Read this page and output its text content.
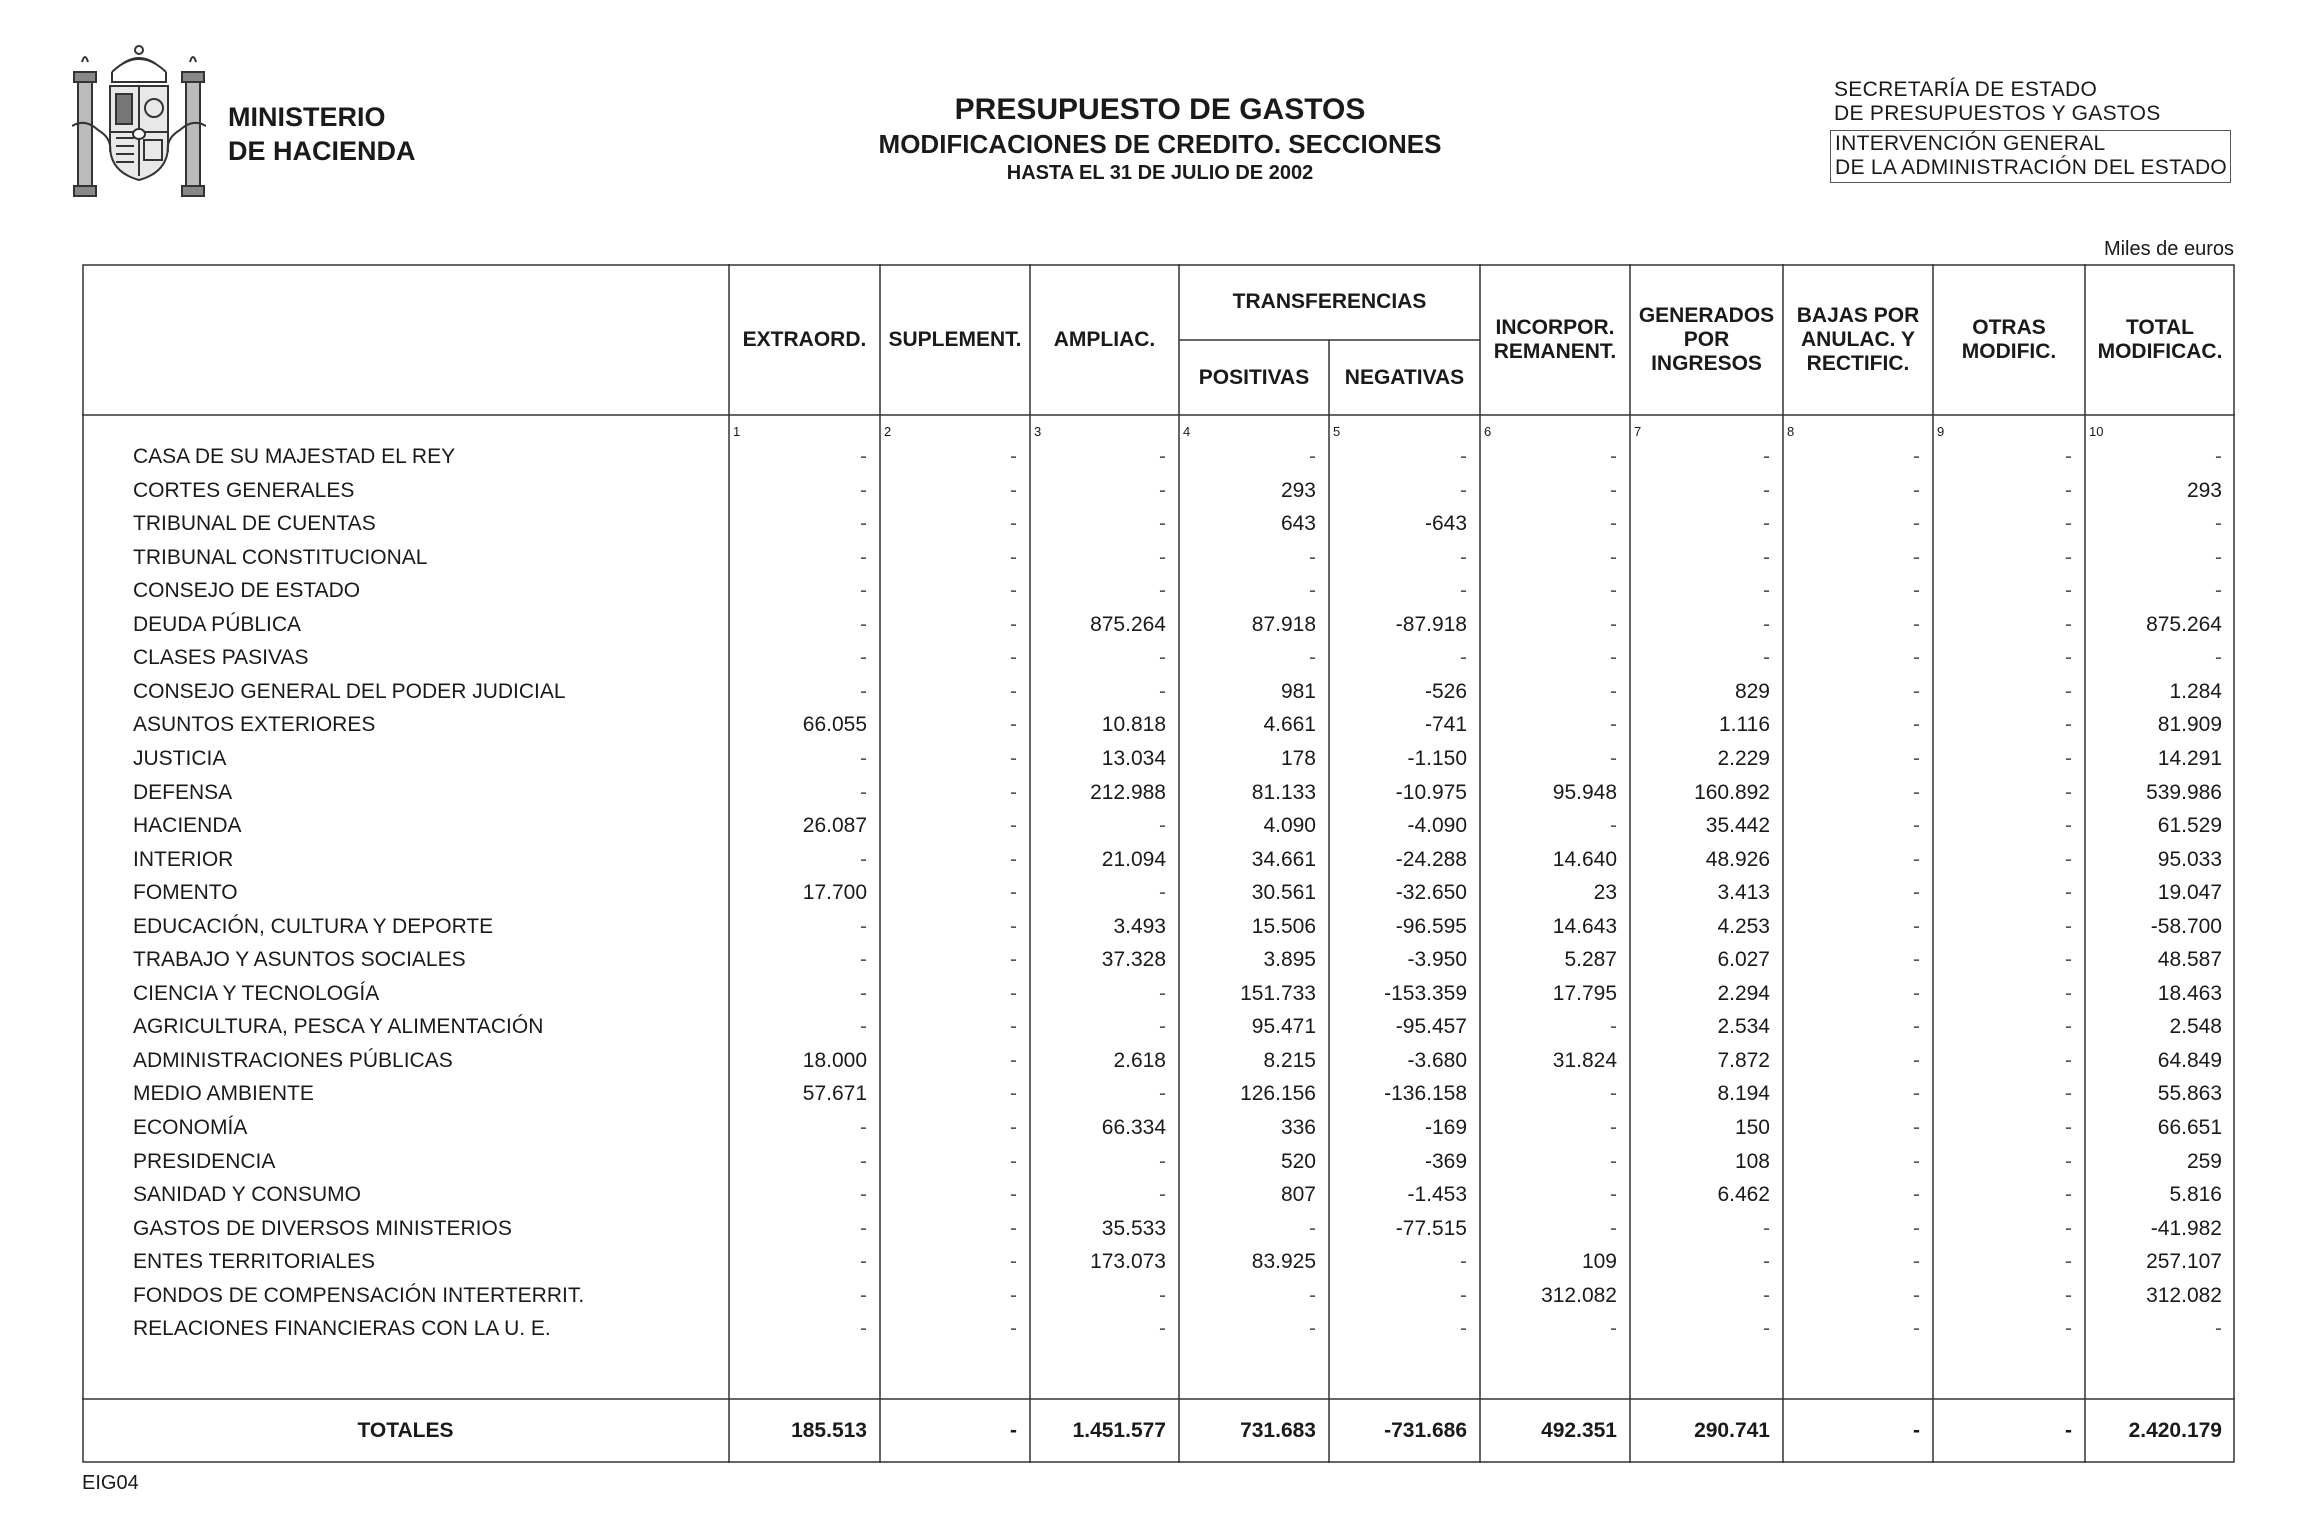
MINISTERIO
DE HACIENDA
PRESUPUESTO DE GASTOS
MODIFICACIONES DE CREDITO. SECCIONES
HASTA EL 31 DE JULIO DE 2002
SECRETARÍA DE ESTADO
DE PRESUPUESTOS Y GASTOS
INTERVENCIÓN GENERAL
DE LA ADMINISTRACIÓN DEL ESTADO
Miles de euros
TRANSFERENCIAS
EXTRAORD.
1
SUPLEMENT.
2
AMPLIAC.
3
POSITIVAS
4
NEGATIVAS
5
INCORPOR.
REMANENT.
6
GENERADOS
POR
INGRESOS
7
BAJAS POR
ANULAC. Y
RECTIFIC.
8
OTRAS
MODIFIC.
9
TOTAL
MODIFICAC.
10
CASA DE SU MAJESTAD EL REY	-	-	-	-	-	-	-	-	-	-
CORTES GENERALES	-	-	-	293	-	-	-	-	-	293
TRIBUNAL DE CUENTAS	-	-	-	643	-643	-	-	-	-	-
TRIBUNAL CONSTITUCIONAL	-	-	-	-	-	-	-	-	-	-
CONSEJO DE ESTADO	-	-	-	-	-	-	-	-	-	-
DEUDA PÚBLICA	-	-	875.264	87.918	-87.918	-	-	-	-	875.264
CLASES PASIVAS	-	-	-	-	-	-	-	-	-	-
CONSEJO GENERAL DEL PODER JUDICIAL	-	-	-	981	-526	-	829	-	-	1.284
ASUNTOS EXTERIORES	66.055	-	10.818	4.661	-741	-	1.116	-	-	81.909
JUSTICIA	-	-	13.034	178	-1.150	-	2.229	-	-	14.291
DEFENSA	-	-	212.988	81.133	-10.975	95.948	160.892	-	-	539.986
HACIENDA	26.087	-	-	4.090	-4.090	-	35.442	-	-	61.529
INTERIOR	-	-	21.094	34.661	-24.288	14.640	48.926	-	-	95.033
FOMENTO	17.700	-	-	30.561	-32.650	23	3.413	-	-	19.047
EDUCACIÓN, CULTURA Y DEPORTE	-	-	3.493	15.506	-96.595	14.643	4.253	-	-	-58.700
TRABAJO Y ASUNTOS SOCIALES	-	-	37.328	3.895	-3.950	5.287	6.027	-	-	48.587
CIENCIA Y TECNOLOGÍA	-	-	-	151.733	-153.359	17.795	2.294	-	-	18.463
AGRICULTURA, PESCA Y ALIMENTACIÓN	-	-	-	95.471	-95.457	-	2.534	-	-	2.548
ADMINISTRACIONES PÚBLICAS	18.000	-	2.618	8.215	-3.680	31.824	7.872	-	-	64.849
MEDIO AMBIENTE	57.671	-	-	126.156	-136.158	-	8.194	-	-	55.863
ECONOMÍA	-	-	66.334	336	-169	-	150	-	-	66.651
PRESIDENCIA	-	-	-	520	-369	-	108	-	-	259
SANIDAD Y CONSUMO	-	-	-	807	-1.453	-	6.462	-	-	5.816
GASTOS DE DIVERSOS MINISTERIOS	-	-	35.533	-	-77.515	-	-	-	-	-41.982
ENTES TERRITORIALES	-	-	173.073	83.925	-	109	-	-	-	257.107
FONDOS DE COMPENSACIÓN INTERTERRIT.	-	-	-	-	-	312.082	-	-	-	312.082
RELACIONES FINANCIERAS CON LA U. E.	-	-	-	-	-	-	-	-	-	-
TOTALES	185.513	-	1.451.577	731.683	-731.686	492.351	290.741	-	-	2.420.179
EIG04
